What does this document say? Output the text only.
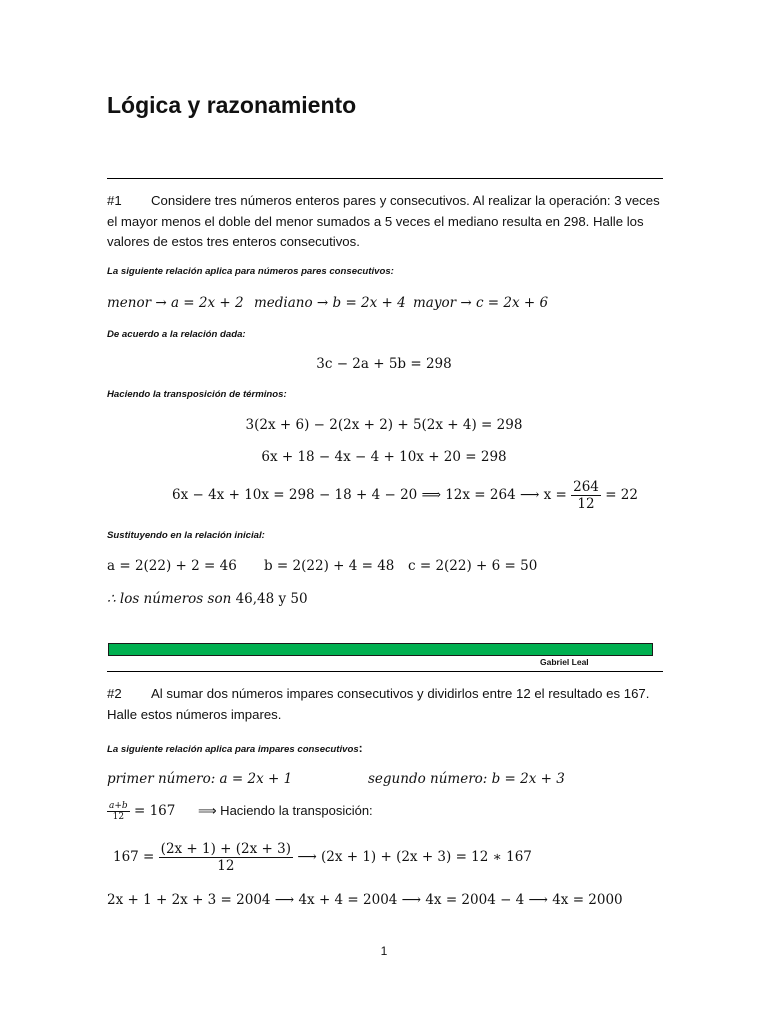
Lógica y razonamiento
#1 Considere tres números enteros pares y consecutivos. Al realizar la operación: 3 veces el mayor menos el doble del menor sumados a 5 veces el mediano resulta en 298. Halle los valores de estos tres enteros consecutivos.
La siguiente relación aplica para números pares consecutivos:
menor → a = 2x + 2 mediano → b = 2x + 4 mayor → c = 2x + 6
De acuerdo a la relación dada:
3c − 2a + 5b = 298
Haciendo la transposición de términos:
3(2x + 6) − 2(2x + 2) + 5(2x + 4) = 298
6x + 18 − 4x − 4 + 10x + 20 = 298
6x − 4x + 10x = 298 − 18 + 4 − 20 ⟹ 12x = 264 ⟶ $x = \frac{264}{12} = 22$
Sustituyendo en la relación inicial:
a = 2(22) + 2 = 46 b = 2(22) + 4 = 48 c = 2(22) + 6 = 50
∴ los números son 46,48 y 50
Gabriel Leal
#2 Al sumar dos números impares consecutivos y dividirlos entre 12 el resultado es 167. Halle estos números impares.
La siguiente relación aplica para impares consecutivos:
primer número: a = 2x + 1	segundo número: b = 2x + 3
$\frac{a+b}{12} = 167$ ⟹ Haciendo la transposición:
$167 = \frac{(2x + 1) + (2x + 3)}{12}$ ⟶ (2x + 1) + (2x + 3) = 12 ∗ 167
2x + 1 + 2x + 3 = 2004 ⟶ 4x + 4 = 2004 ⟶ 4x = 2004 − 4 ⟶ 4x = 2000
1
